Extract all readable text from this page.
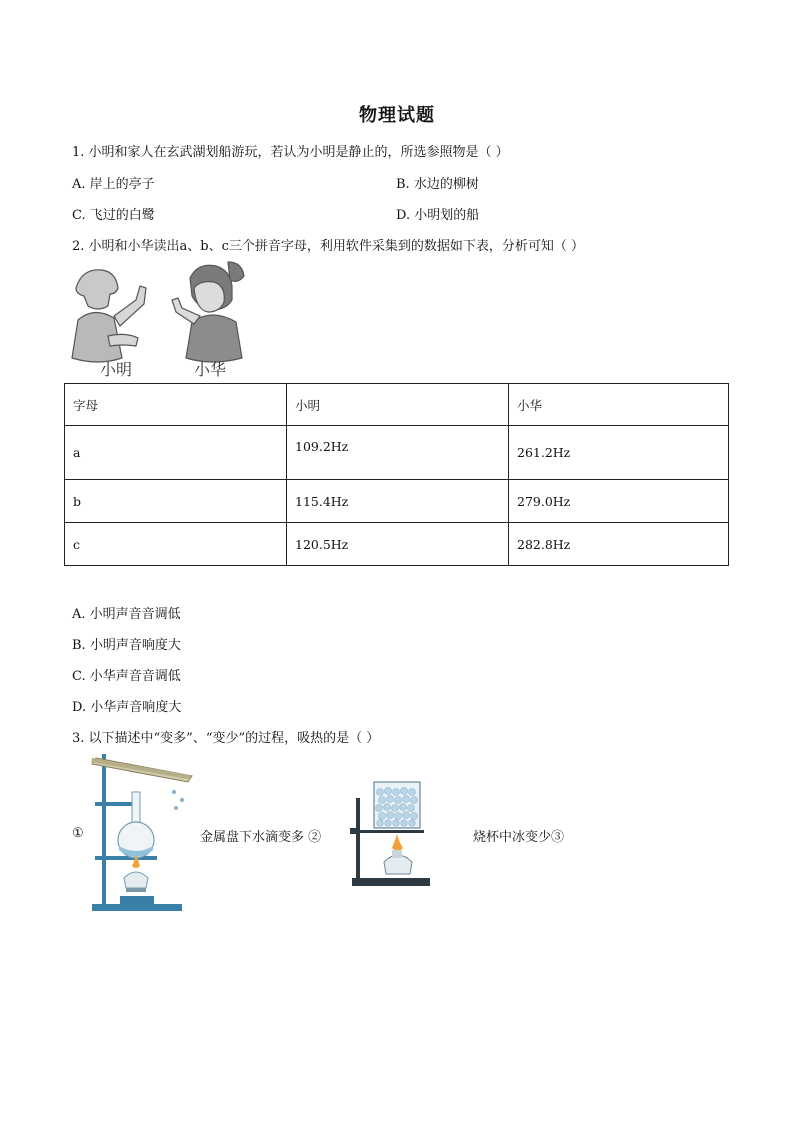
物理试题
1. 小明和家人在玄武湖划船游玩，若认为小明是静止的，所选参照物是（ ）
A. 岸上的亭子	B. 水边的柳树
C. 飞过的白鹭	D. 小明划的船
2. 小明和小华读出a、b、c三个拼音字母，利用软件采集到的数据如下表，分析可知（ ）
小明	小华
字母	小明	小华
a	109.2Hz	261.2Hz
b	115.4Hz	279.0Hz
c	120.5Hz	282.8Hz
A. 小明声音音调低
B. 小明声音响度大
C. 小华声音音调低
D. 小华声音响度大
3. 以下描述中“变多”、“变少”的过程，吸热的是（ ）
①	金属盘下水滴变多 ②	烧杯中冰变少③
